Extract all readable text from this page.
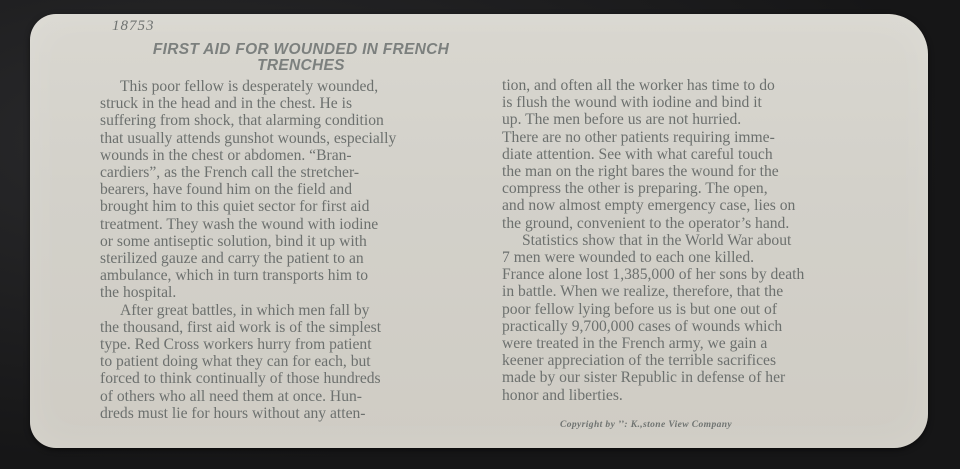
18753
FIRST AID FOR WOUNDED IN FRENCH
TRENCHES
This poor fellow is desperately wounded,
struck in the head and in the chest. He is
suffering from shock, that alarming condition
that usually attends gunshot wounds, especially
wounds in the chest or abdomen. “Bran-
cardiers”, as the French call the stretcher-
bearers, have found him on the field and
brought him to this quiet sector for first aid
treatment. They wash the wound with iodine
or some antiseptic solution, bind it up with
sterilized gauze and carry the patient to an
ambulance, which in turn transports him to
the hospital.
After great battles, in which men fall by
the thousand, first aid work is of the simplest
type. Red Cross workers hurry from patient
to patient doing what they can for each, but
forced to think continually of those hundreds
of others who all need them at once. Hun-
dreds must lie for hours without any atten-
tion, and often all the worker has time to do
is flush the wound with iodine and bind it
up. The men before us are not hurried.
There are no other patients requiring imme-
diate attention. See with what careful touch
the man on the right bares the wound for the
compress the other is preparing. The open,
and now almost empty emergency case, lies on
the ground, convenient to the operator’s hand.
Statistics show that in the World War about
7 men were wounded to each one killed.
France alone lost 1,385,000 of her sons by death
in battle. When we realize, therefore, that the
poor fellow lying before us is but one out of
practically 9,700,000 cases of wounds which
were treated in the French army, we gain a
keener appreciation of the terrible sacrifices
made by our sister Republic in defense of her
honor and liberties.
Copyright by ’’: K.,stone View Company
